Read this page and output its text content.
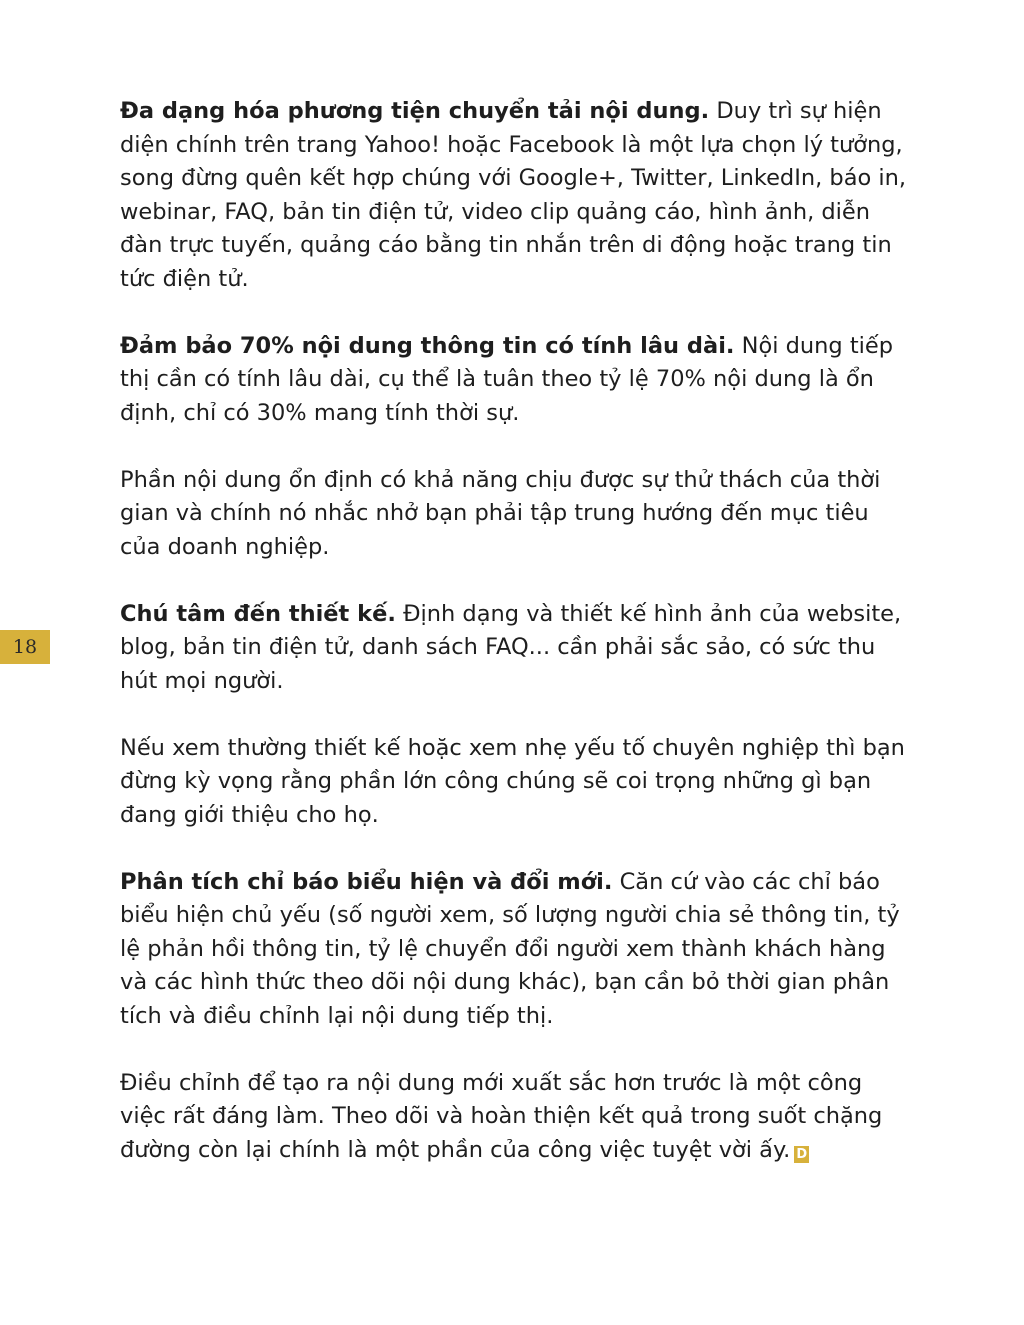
18

Đa dạng hóa phương tiện chuyển tải nội dung. Duy trì sự hiện diện chính trên trang Yahoo! hoặc Facebook là một lựa chọn lý tưởng, song đừng quên kết hợp chúng với Google+, Twitter, LinkedIn, báo in, webinar, FAQ, bản tin điện tử, video clip quảng cáo, hình ảnh, diễn đàn trực tuyến, quảng cáo bằng tin nhắn trên di động hoặc trang tin tức điện tử.

Đảm bảo 70% nội dung thông tin có tính lâu dài. Nội dung tiếp thị cần có tính lâu dài, cụ thể là tuân theo tỷ lệ 70% nội dung là ổn định, chỉ có 30% mang tính thời sự.

Phần nội dung ổn định có khả năng chịu được sự thử thách của thời gian và chính nó nhắc nhở bạn phải tập trung hướng đến mục tiêu của doanh nghiệp.

Chú tâm đến thiết kế. Định dạng và thiết kế hình ảnh của website, blog, bản tin điện tử, danh sách FAQ... cần phải sắc sảo, có sức thu hút mọi người.

Nếu xem thường thiết kế hoặc xem nhẹ yếu tố chuyên nghiệp thì bạn đừng kỳ vọng rằng phần lớn công chúng sẽ coi trọng những gì bạn đang giới thiệu cho họ.

Phân tích chỉ báo biểu hiện và đổi mới. Căn cứ vào các chỉ báo biểu hiện chủ yếu (số người xem, số lượng người chia sẻ thông tin, tỷ lệ phản hồi thông tin, tỷ lệ chuyển đổi người xem thành khách hàng và các hình thức theo dõi nội dung khác), bạn cần bỏ thời gian phân tích và điều chỉnh lại nội dung tiếp thị.

Điều chỉnh để tạo ra nội dung mới xuất sắc hơn trước là một công việc rất đáng làm. Theo dõi và hoàn thiện kết quả trong suốt chặng đường còn lại chính là một phần của công việc tuyệt vời ấy. D
